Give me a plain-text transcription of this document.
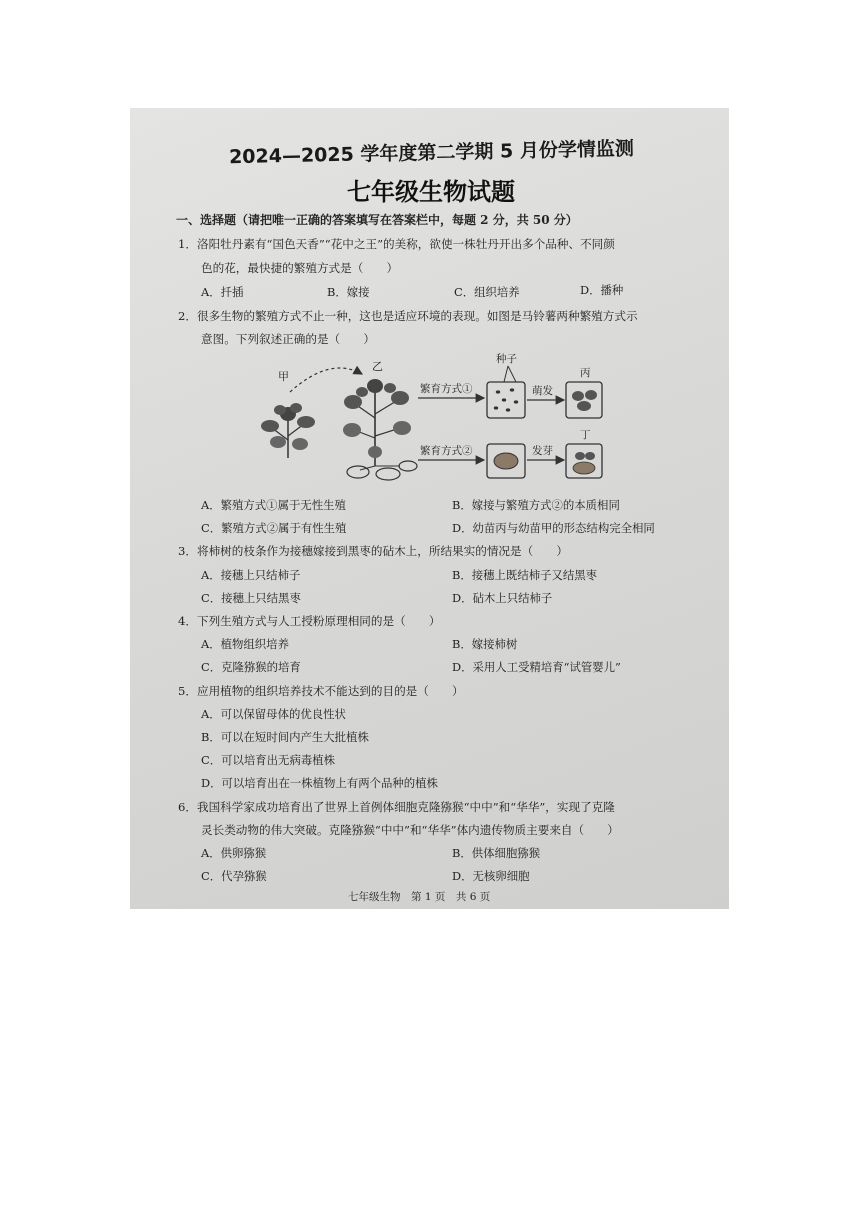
2024—2025 学年度第二学期 5 月份学情监测
七年级生物试题
一、选择题（请把唯一正确的答案填写在答案栏中，每题 2 分，共 50 分）
1．洛阳牡丹素有“国色天香”“花中之王”的美称，欲使一株牡丹开出多个品种、不同颜
色的花，最快捷的繁殖方式是（　　）
A．扦插	B．嫁接	C．组织培养	D．播种
2．很多生物的繁殖方式不止一种，这也是适应环境的表现。如图是马铃薯两种繁殖方式示
意图。下列叙述正确的是（　　）
甲
乙
繁育方式①
种子
萌发
丙
繁育方式②	发芽
丁
A．繁殖方式①属于无性生殖	B．嫁接与繁殖方式②的本质相同
C．繁殖方式②属于有性生殖	D．幼苗丙与幼苗甲的形态结构完全相同
3．将柿树的枝条作为接穗嫁接到黑枣的砧木上，所结果实的情况是（　　）
A．接穗上只结柿子	B．接穗上既结柿子又结黑枣
C．接穗上只结黑枣	D．砧木上只结柿子
4．下列生殖方式与人工授粉原理相同的是（　　）
A．植物组织培养	B．嫁接柿树
C．克隆猕猴的培育	D．采用人工受精培育“试管婴儿”
5．应用植物的组织培养技术不能达到的目的是（　　）
A．可以保留母体的优良性状
B．可以在短时间内产生大批植株
C．可以培育出无病毒植株
D．可以培育出在一株植物上有两个品种的植株
6．我国科学家成功培育出了世界上首例体细胞克隆猕猴“中中”和“华华”，实现了克隆
灵长类动物的伟大突破。克隆猕猴“中中”和“华华”体内遗传物质主要来自（　　）
A．供卵猕猴	B．供体细胞猕猴
C．代孕猕猴	D．无核卵细胞
七年级生物　第 1 页　共 6 页
